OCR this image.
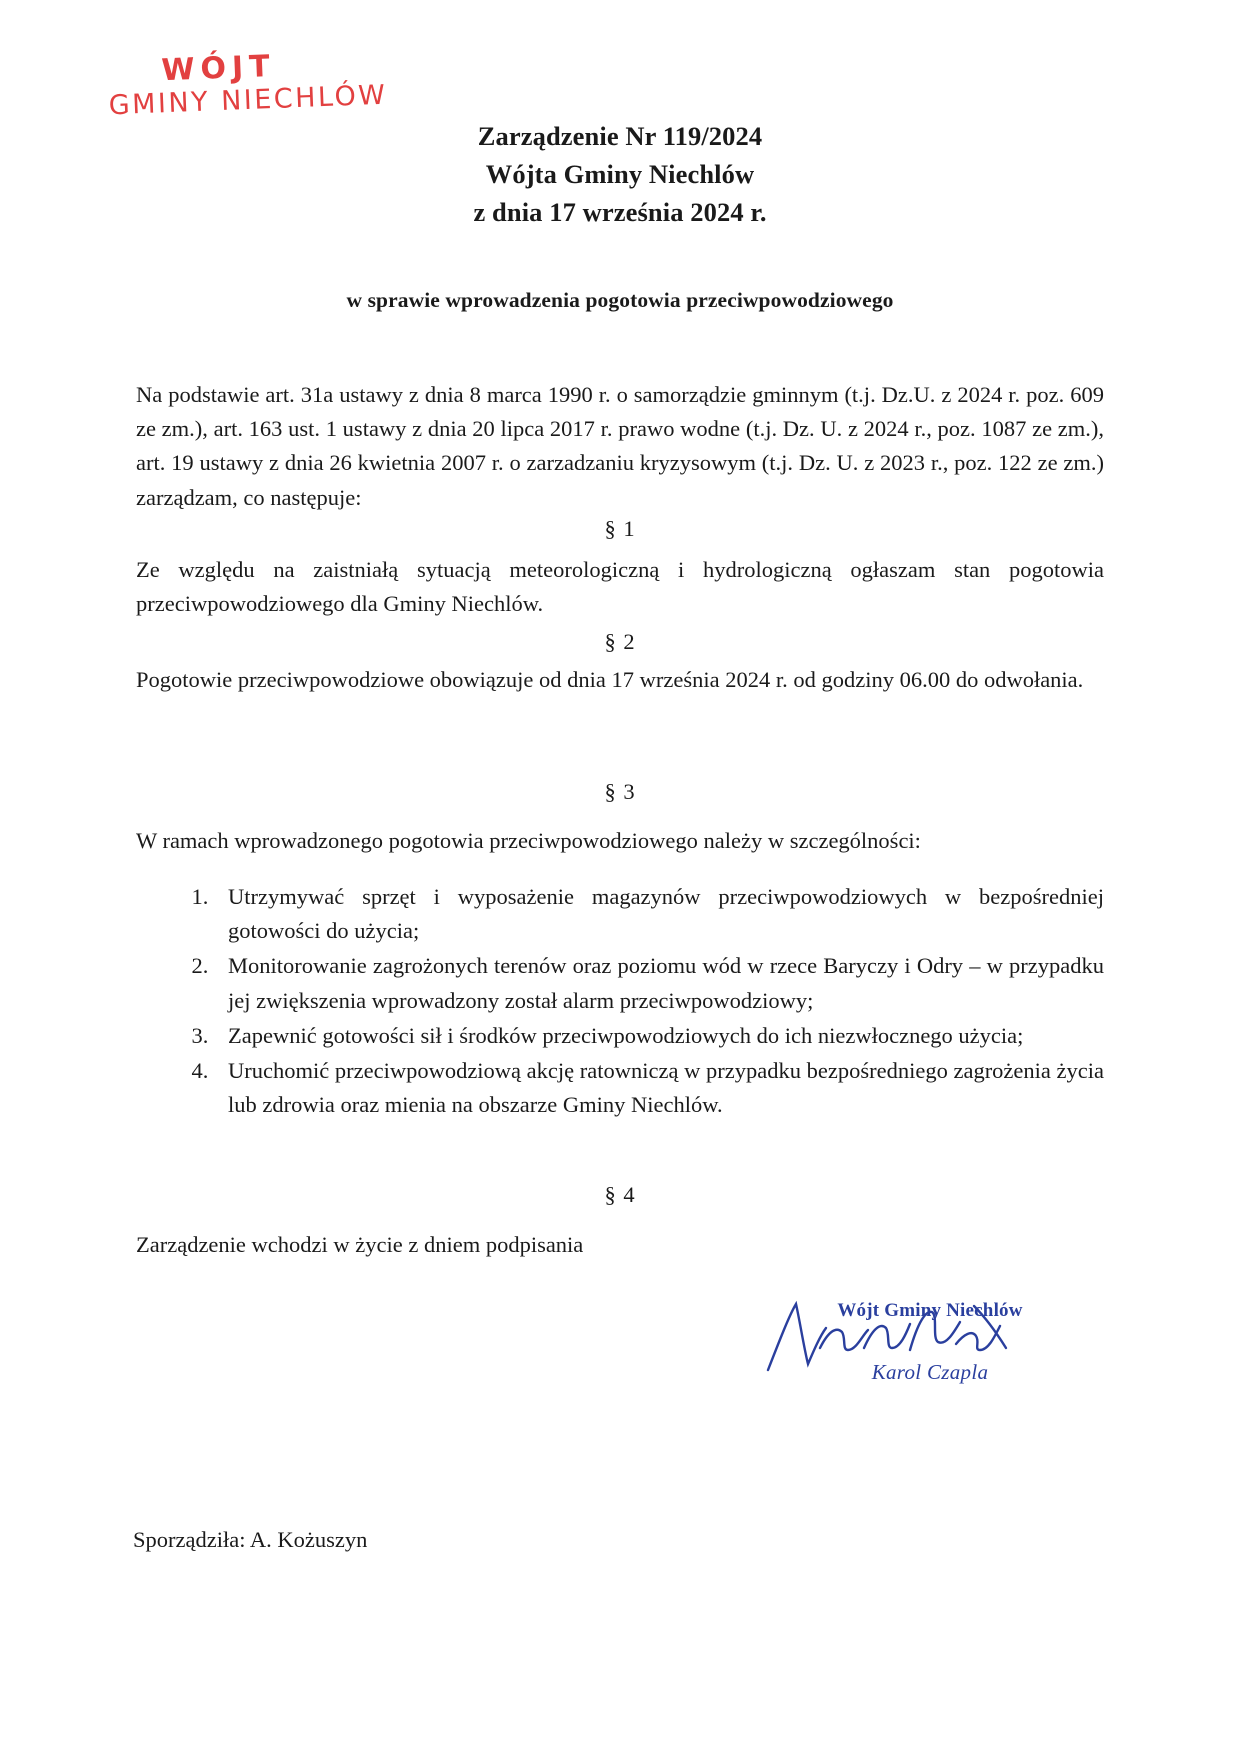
WÓJT
GMINY NIECHLÓW
Zarządzenie Nr 119/2024
Wójta Gminy Niechlów
z dnia 17 września 2024 r.
w sprawie wprowadzenia pogotowia przeciwpowodziowego
Na podstawie art. 31a ustawy z dnia 8 marca 1990 r. o samorządzie gminnym (t.j. Dz.U. z 2024 r. poz. 609 ze zm.), art. 163 ust. 1 ustawy z dnia 20 lipca 2017 r. prawo wodne (t.j. Dz. U. z 2024 r., poz. 1087 ze zm.), art. 19 ustawy z dnia 26 kwietnia 2007 r. o zarzadzaniu kryzysowym (t.j. Dz. U. z 2023 r., poz. 122 ze zm.) zarządzam, co następuje:
§ 1
Ze względu na zaistniałą sytuacją meteorologiczną i hydrologiczną ogłaszam stan pogotowia przeciwpowodziowego dla Gminy Niechlów.
§ 2
Pogotowie przeciwpowodziowe obowiązuje od dnia 17 września 2024 r. od godziny 06.00 do odwołania.
§ 3
W ramach wprowadzonego pogotowia przeciwpowodziowego należy w szczególności:
1. Utrzymywać sprzęt i wyposażenie magazynów przeciwpowodziowych w bezpośredniej gotowości do użycia;
2. Monitorowanie zagrożonych terenów oraz poziomu wód w rzece Baryczy i Odry – w przypadku jej zwiększenia wprowadzony został alarm przeciwpowodziowy;
3. Zapewnić gotowości sił i środków przeciwpowodziowych do ich niezwłocznego użycia;
4. Uruchomić przeciwpowodziową akcję ratowniczą w przypadku bezpośredniego zagrożenia życia lub zdrowia oraz mienia na obszarze Gminy Niechlów.
§ 4
Zarządzenie wchodzi w życie z dniem podpisania
Wójt Gminy Niechlów
Karol Czapla
Sporządziła: A. Kożuszyn
